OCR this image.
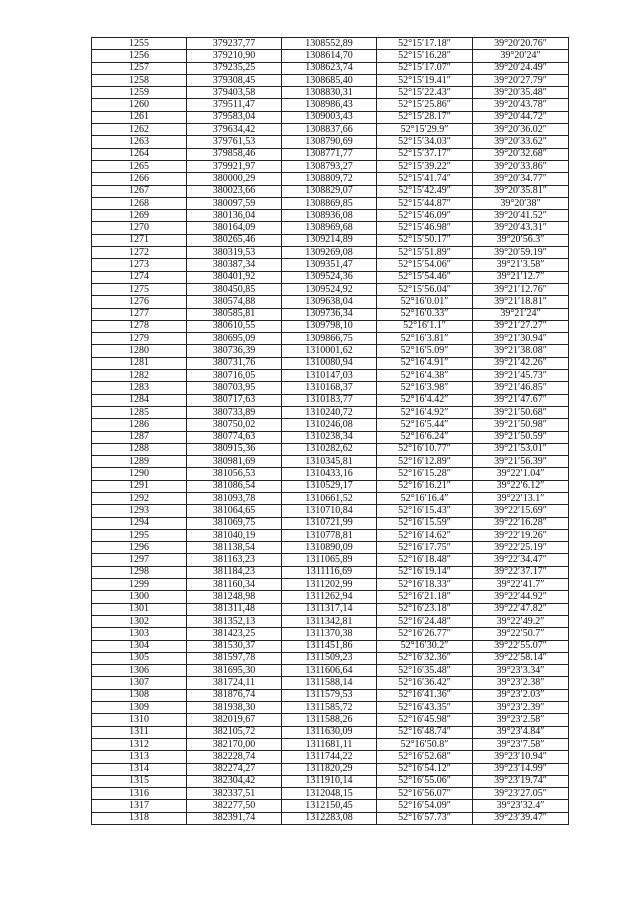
1255	379237,77	1308552,89	52°15′17.18″	39°20′20.76″
1256	379210,90	1308614,70	52°15′16.28″	39°20′24″
1257	379235,25	1308623,74	52°15′17.07″	39°20′24.49″
1258	379308,45	1308685,40	52°15′19.41″	39°20′27.79″
1259	379403,58	1308830,31	52°15′22.43″	39°20′35.48″
1260	379511,47	1308986,43	52°15′25.86″	39°20′43.78″
1261	379583,04	1309003,43	52°15′28.17″	39°20′44.72″
1262	379634,42	1308837,66	52°15′29.9″	39°20′36.02″
1263	379761,53	1308790,69	52°15′34.03″	39°20′33.62″
1264	379858,46	1308771,77	52°15′37.17″	39°20′32.68″
1265	379921,97	1308793,27	52°15′39.22″	39°20′33.86″
1266	380000,29	1308809,72	52°15′41.74″	39°20′34.77″
1267	380023,66	1308829,07	52°15′42.49″	39°20′35.81″
1268	380097,59	1308869,85	52°15′44.87″	39°20′38″
1269	380136,04	1308936,08	52°15′46.09″	39°20′41.52″
1270	380164,09	1308969,68	52°15′46.98″	39°20′43.31″
1271	380265,46	1309214,89	52°15′50.17″	39°20′56.3″
1272	380319,53	1309269,08	52°15′51.89″	39°20′59.19″
1273	380387,34	1309351,47	52°15′54.06″	39°21′3.58″
1274	380401,92	1309524,36	52°15′54.46″	39°21′12.7″
1275	380450,85	1309524,92	52°15′56.04″	39°21′12.76″
1276	380574,88	1309638,04	52°16′0.01″	39°21′18.81″
1277	380585,81	1309736,34	52°16′0.33″	39°21′24″
1278	380610,55	1309798,10	52°16′1.1″	39°21′27.27″
1279	380695,09	1309866,75	52°16′3.81″	39°21′30.94″
1280	380736,39	1310001,62	52°16′5.09″	39°21′38.08″
1281	380731,76	1310080,94	52°16′4.91″	39°21′42.26″
1282	380716,05	1310147,03	52°16′4.38″	39°21′45.73″
1283	380703,95	1310168,37	52°16′3.98″	39°21′46.85″
1284	380717,63	1310183,77	52°16′4.42″	39°21′47.67″
1285	380733,89	1310240,72	52°16′4.92″	39°21′50.68″
1286	380750,02	1310246,08	52°16′5.44″	39°21′50.98″
1287	380774,63	1310238,34	52°16′6.24″	39°21′50.59″
1288	380915,36	1310282,62	52°16′10.77″	39°21′53.01″
1289	380981,69	1310345,81	52°16′12.89″	39°21′56.39″
1290	381056,53	1310433,16	52°16′15.28″	39°22′1.04″
1291	381086,54	1310529,17	52°16′16.21″	39°22′6.12″
1292	381093,78	1310661,52	52°16′16.4″	39°22′13.1″
1293	381064,65	1310710,84	52°16′15.43″	39°22′15.69″
1294	381069,75	1310721,99	52°16′15.59″	39°22′16.28″
1295	381040,19	1310778,81	52°16′14.62″	39°22′19.26″
1296	381138,54	1310890,09	52°16′17.75″	39°22′25.19″
1297	381163,23	1311065,89	52°16′18.48″	39°22′34.47″
1298	381184,23	1311116,69	52°16′19.14″	39°22′37.17″
1299	381160,34	1311202,99	52°16′18.33″	39°22′41.7″
1300	381248,98	1311262,94	52°16′21.18″	39°22′44.92″
1301	381311,48	1311317,14	52°16′23.18″	39°22′47.82″
1302	381352,13	1311342,81	52°16′24.48″	39°22′49.2″
1303	381423,25	1311370,38	52°16′26.77″	39°22′50.7″
1304	381530,37	1311451,86	52°16′30.2″	39°22′55.07″
1305	381597,78	1311509,23	52°16′32.36″	39°22′58.14″
1306	381695,30	1311606,64	52°16′35.48″	39°23′3.34″
1307	381724,11	1311588,14	52°16′36.42″	39°23′2.38″
1308	381876,74	1311579,53	52°16′41.36″	39°23′2.03″
1309	381938,30	1311585,72	52°16′43.35″	39°23′2.39″
1310	382019,67	1311588,26	52°16′45.98″	39°23′2.58″
1311	382105,72	1311630,09	52°16′48.74″	39°23′4.84″
1312	382170,00	1311681,11	52°16′50.8″	39°23′7.58″
1313	382228,74	1311744,22	52°16′52.68″	39°23′10.94″
1314	382274,27	1311820,29	52°16′54.12″	39°23′14.99″
1315	382304,42	1311910,14	52°16′55.06″	39°23′19.74″
1316	382337,51	1312048,15	52°16′56.07″	39°23′27.05″
1317	382277,50	1312150,45	52°16′54.09″	39°23′32.4″
1318	382391,74	1312283,08	52°16′57.73″	39°23′39.47″
